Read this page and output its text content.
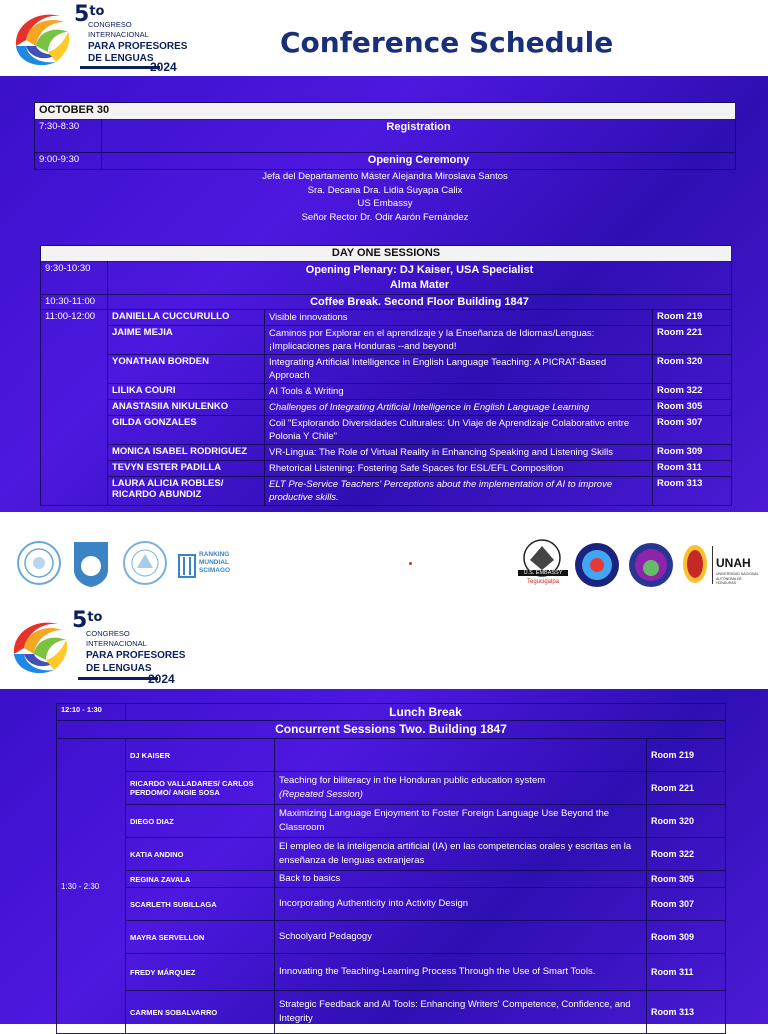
$5^{to}$
CONGRESO
INTERNACIONAL
PARA PROFESORES
DE LENGUAS
2024
Conference Schedule
OCTOBER 30	
7:30-8:30	Registration
9:00-9:30	Opening Ceremony
Jefa del Departamento Máster Alejandra Miroslava Santos
Sra. Decana Dra. Lidia Suyapa Calix
US Embassy
Señor Rector Dr. Odir Aarón Fernández
DAY ONE SESSIONS			
9:30-10:30	Opening Plenary: DJ Kaiser, USA Specialist
Alma Mater		

10:30-11:00	Coffee Break. Second Floor Building 1847		
11:00-12:00	DANIELLA CUCCURULLO	Visible innovations	Room 219
	JAIME MEJIA	Caminos por Explorar en el aprendizaje y la Enseñanza de Idiomas/Lenguas: ¡Implicaciones para Honduras --and beyond!	Room 221
	YONATHAN BORDEN	Integrating Artificial Intelligence in English Language Teaching: A PICRAT-Based Approach	Room 320
	LILIKA COURI	AI Tools & Writing	Room 322
	ANASTASIIA NIKULENKO	Challenges of Integrating Artificial Intelligence in English Language Learning	Room 305
	GILDA GONZALES	Coil "Explorando Diversidades Culturales: Un Viaje de Aprendizaje Colaborativo entre Polonia Y Chile"	Room 307
	MONICA ISABEL RODRIGUEZ	VR-Lingua: The Role of Virtual Reality in Enhancing Speaking and Listening Skills	Room 309
	TEVYN ESTER PADILLA	Rhetorical Listening: Fostering Safe Spaces for ESL/EFL Composition	Room 311
	LAURA ALICIA ROBLES/ RICARDO ABUNDIZ	ELT Pre-Service Teachers' Perceptions about the implementation of AI to improve productive skills.	Room 313
RANKING MUNDIAL SCIMAGO	U.S. EMBASSY
Tegucigalpa
UNAH
UNIVERSIDAD NACIONAL AUTÓNOMA DE HONDURAS
$5^{to}$
CONGRESO
INTERNACIONAL
PARA PROFESORES
DE LENGUAS
2024
12:10 - 1:30	Lunch Break		
Concurrent Sessions Two. Building 1847			
1:30 - 2:30	DJ KAISER		Room 219
	RICARDO VALLADARES/ CARLOS PERDOMO/ ANGIE SOSA	Teaching for biliteracy in the Honduran public education system
(Repeated Session)	Room 221
	DIEGO DIAZ	Maximizing Language Enjoyment to Foster Foreign Language Use Beyond the Classroom	Room 320
	KATIA ANDINO	El empleo de la inteligencia artificial (IA) en las competencias orales y escritas en la enseñanza de lenguas extranjeras	Room 322
	REGINA ZAVALA	Back to basics	Room 305
	SCARLETH SUBILLAGA	Incorporating Authenticity into Activity Design	Room 307
	MAYRA SERVELLON	Schoolyard Pedagogy	Room 309
	FREDY MÁRQUEZ	Innovating the Teaching-Learning Process Through the Use of Smart Tools.	Room 311
	CARMEN SOBALVARRO	Strategic Feedback and AI Tools: Enhancing Writers' Competence, Confidence, and Integrity	Room 313
